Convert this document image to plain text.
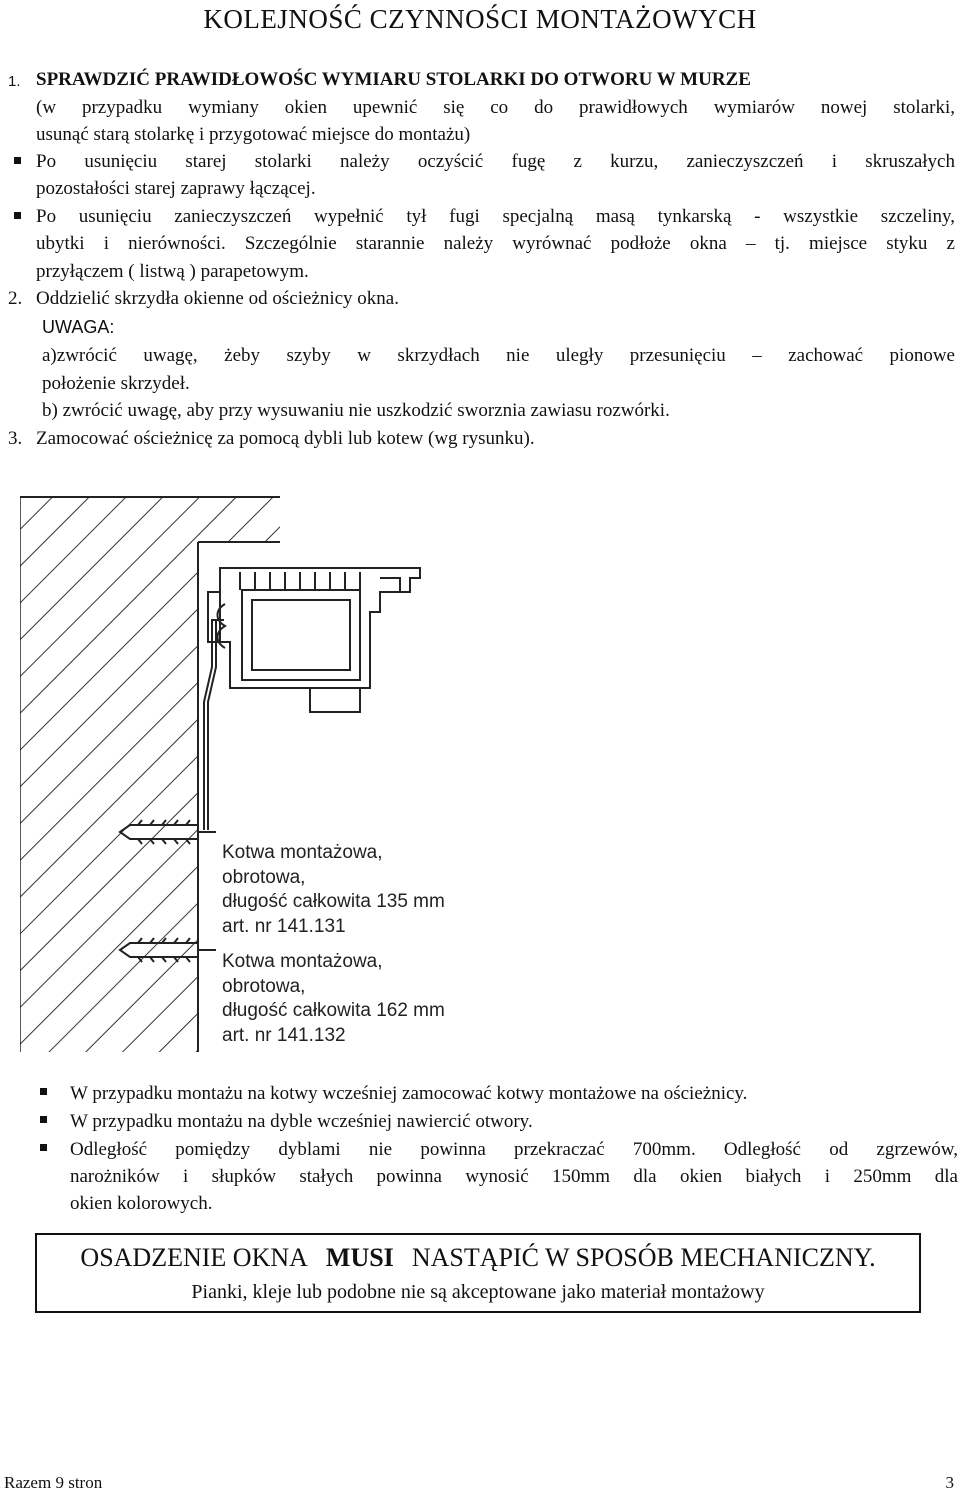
KOLEJNOŚĆ CZYNNOŚCI MONTAŻOWYCH
1. SPRAWDZIĆ PRAWIDŁOWOŚC WYMIARU STOLARKI DO OTWORU W MURZE
(w przypadku wymiany okien upewnić się co do prawidłowych wymiarów nowej stolarki,
usunąć starą stolarkę i przygotować miejsce do montażu)
Po usunięciu starej stolarki należy oczyścić fugę z kurzu, zanieczyszczeń i skruszałych
pozostałości starej zaprawy łączącej.
Po usunięciu zanieczyszczeń wypełnić tył fugi specjalną masą tynkarską - wszystkie szczeliny,
ubytki i nierówności. Szczególnie starannie należy wyrównać podłoże okna – tj. miejsce styku z
przyłączem ( listwą ) parapetowym.
2. Oddzielić skrzydła okienne od ościeżnicy okna.
UWAGA:
a)zwrócić uwagę, żeby szyby w skrzydłach nie uległy przesunięciu – zachować pionowe
położenie skrzydeł.
b) zwrócić uwagę, aby przy wysuwaniu nie uszkodzić sworznia zawiasu rozwórki.
3. Zamocować ościeżnicę za pomocą dybli lub kotew (wg rysunku).
Kotwa montażowa,
obrotowa,
długość całkowita 135 mm
art. nr 141.131
Kotwa montażowa,
obrotowa,
długość całkowita 162 mm
art. nr 141.132
W przypadku montażu na kotwy wcześniej zamocować kotwy montażowe na ościeżnicy.
W przypadku montażu na dyble wcześniej nawiercić otwory.
Odległość pomiędzy dyblami nie powinna przekraczać 700mm. Odległość od zgrzewów,
narożników i słupków stałych powinna wynosić 150mm dla okien białych i 250mm dla
okien kolorowych.
OSADZENIE OKNA MUSI NASTĄPIĆ W SPOSÓB MECHANICZNY.
Pianki, kleje lub podobne nie są akceptowane jako materiał montażowy
Razem 9 stron	3
